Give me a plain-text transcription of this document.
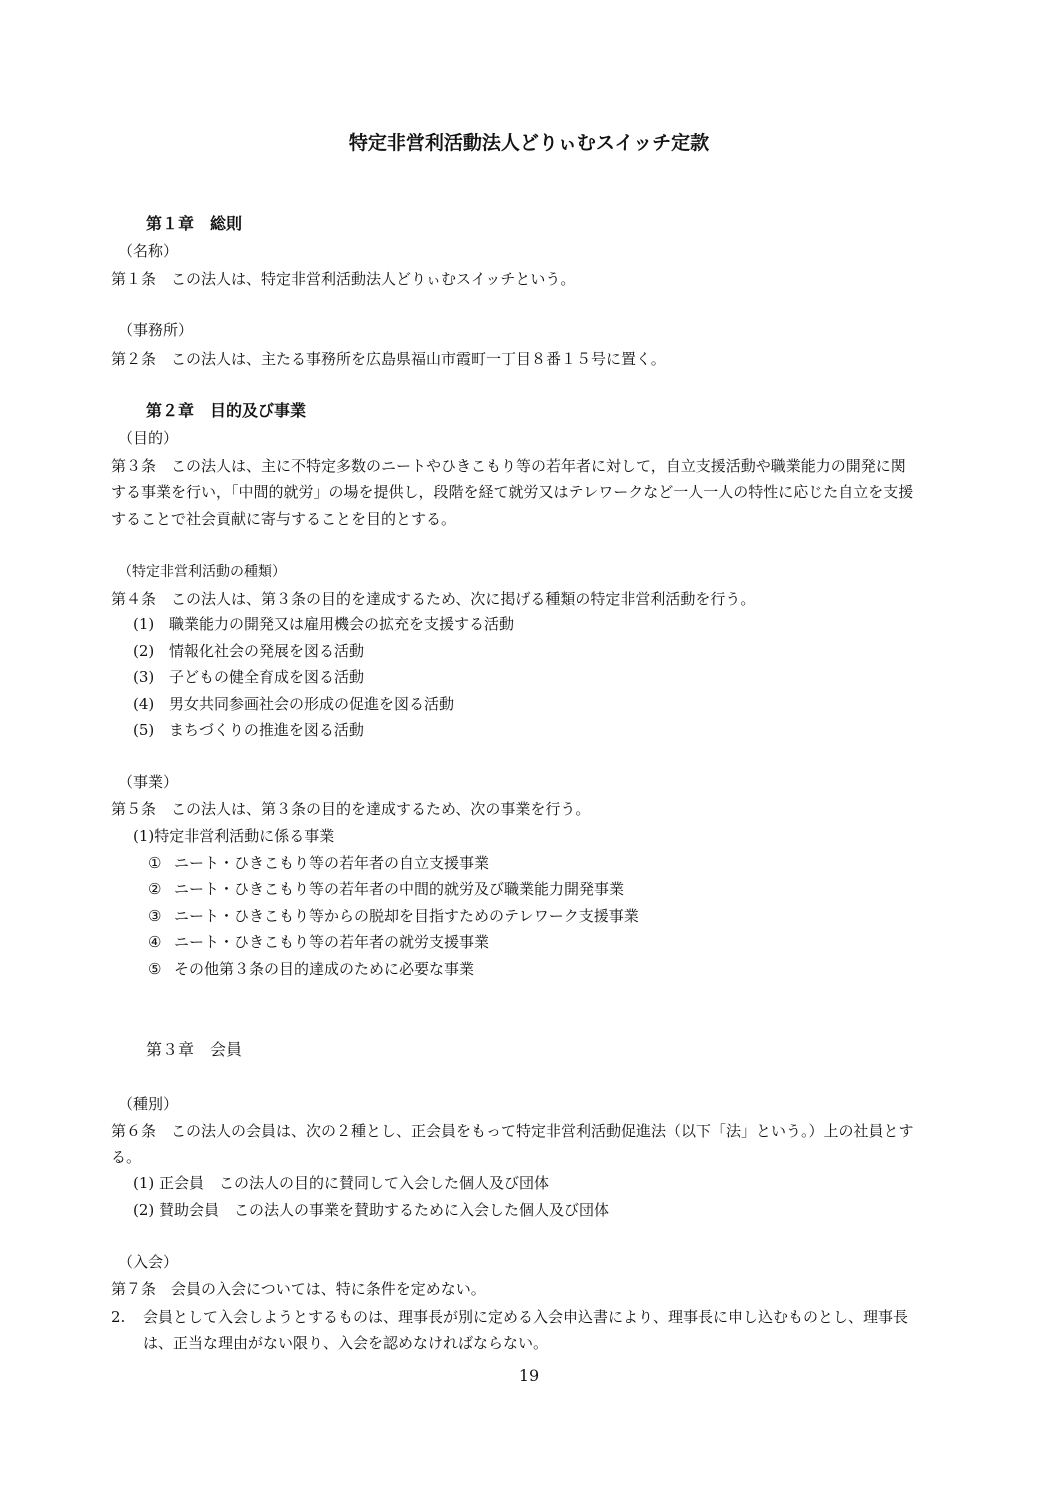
特定非営利活動法人どりぃむスイッチ定款
第１章　総則
（名称）
第１条　この法人は、特定非営利活動法人どりぃむスイッチという。
（事務所）
第２条　この法人は、主たる事務所を広島県福山市霞町一丁目８番１５号に置く。
第２章　目的及び事業
（目的）
第３条　この法人は、主に不特定多数のニートやひきこもり等の若年者に対して，自立支援活動や職業能力の開発に関
する事業を行い，「中間的就労」の場を提供し，段階を経て就労又はテレワークなど一人一人の特性に応じた自立を支援
することで社会貢献に寄与することを目的とする。
（特定非営利活動の種類）
第４条　この法人は、第３条の目的を達成するため、次に掲げる種類の特定非営利活動を行う。
(1) 職業能力の開発又は雇用機会の拡充を支援する活動
(2) 情報化社会の発展を図る活動
(3) 子どもの健全育成を図る活動
(4) 男女共同参画社会の形成の促進を図る活動
(5) まちづくりの推進を図る活動
（事業）
第５条　この法人は、第３条の目的を達成するため、次の事業を行う。
(1)特定非営利活動に係る事業
① ニート・ひきこもり等の若年者の自立支援事業
② ニート・ひきこもり等の若年者の中間的就労及び職業能力開発事業
③ ニート・ひきこもり等からの脱却を目指すためのテレワーク支援事業
④ ニート・ひきこもり等の若年者の就労支援事業
⑤ その他第３条の目的達成のために必要な事業
第３章　会員
（種別）
第６条　この法人の会員は、次の２種とし、正会員をもって特定非営利活動促進法（以下「法」という。）上の社員とす
る。
(1) 正会員　この法人の目的に賛同して入会した個人及び団体
(2) 賛助会員　この法人の事業を賛助するために入会した個人及び団体
（入会）
第７条　会員の入会については、特に条件を定めない。
2. 会員として入会しようとするものは、理事長が別に定める入会申込書により、理事長に申し込むものとし、理事長
は、正当な理由がない限り、入会を認めなければならない。
19
